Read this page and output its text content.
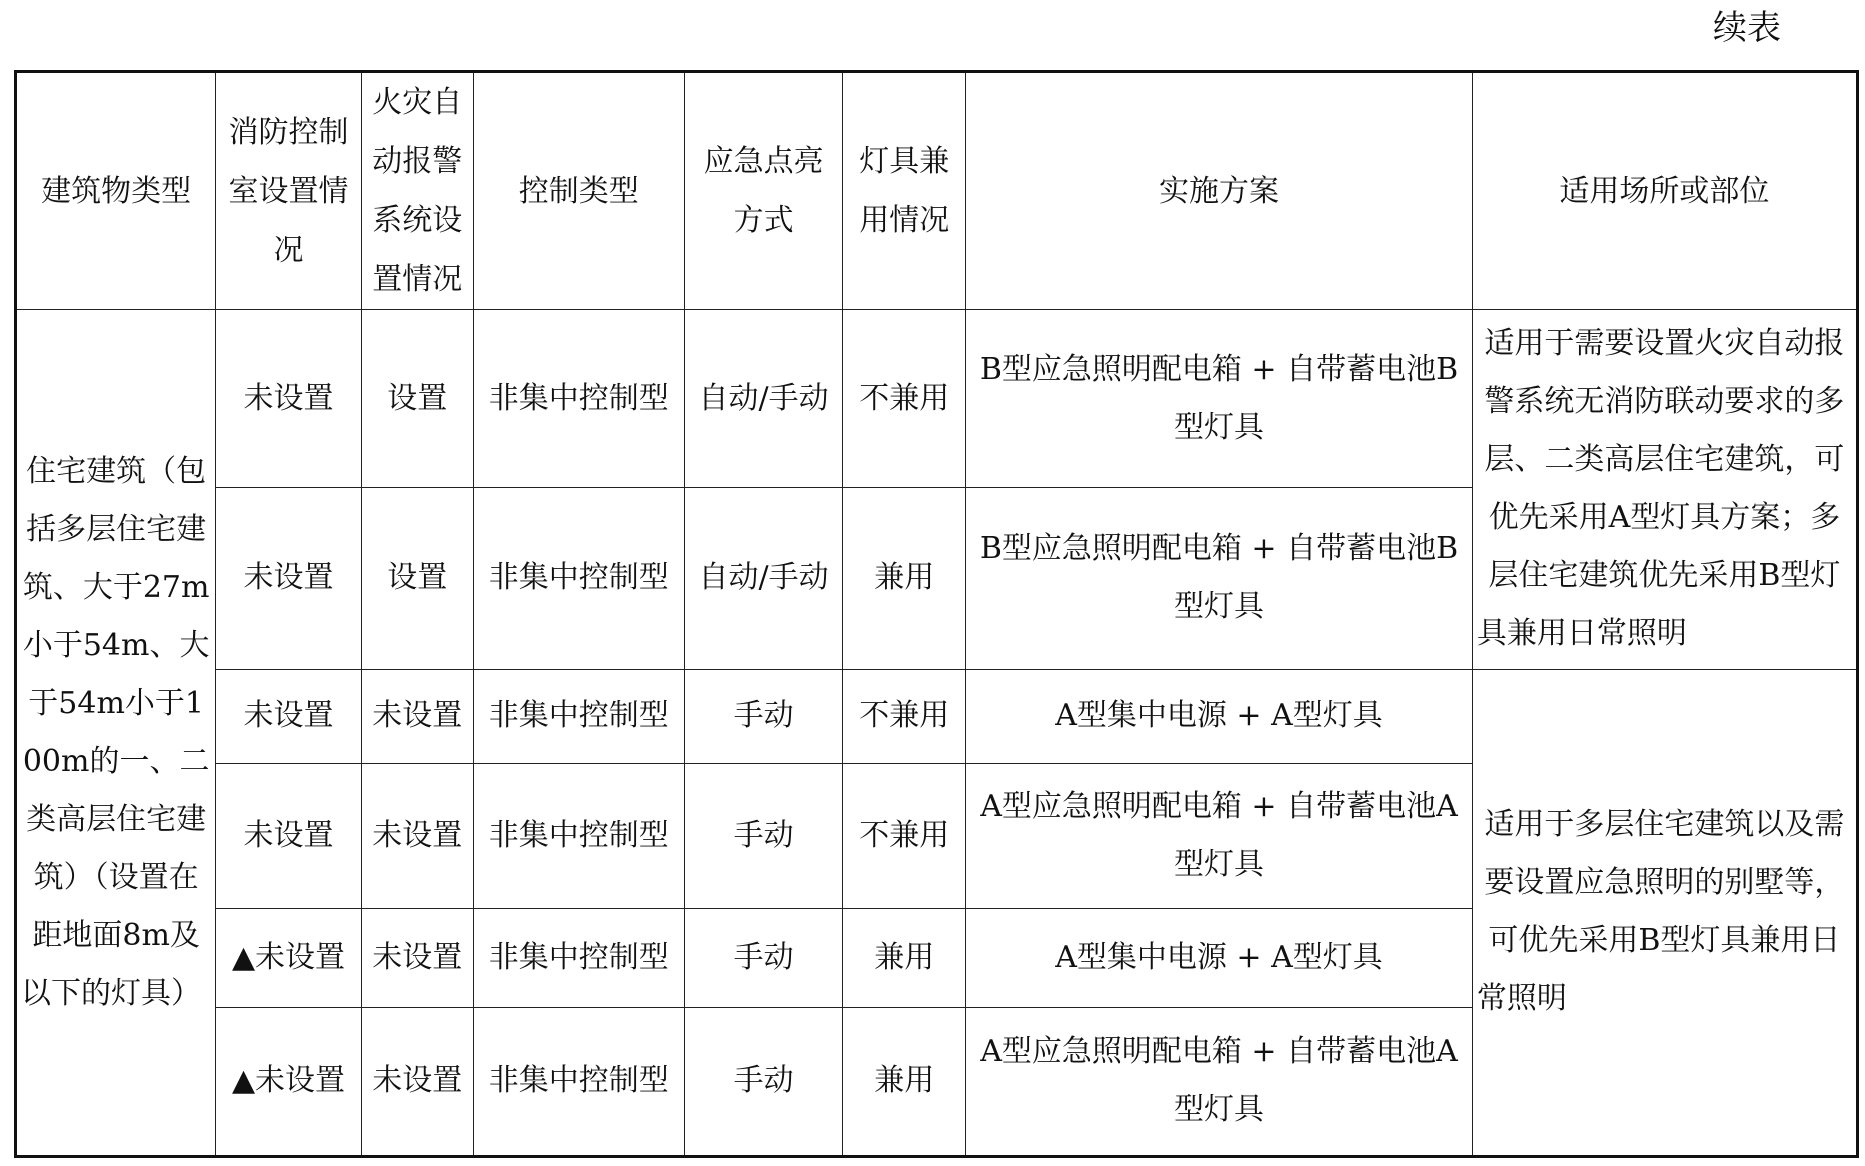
续表
建筑物类型	消防控制室设置情况	火灾自动报警系统设置情况	控制类型	应急点亮方式	灯具兼用情况	实施方案	适用场所或部位
住宅建筑（包括多层住宅建筑、大于27m小于54m、大于54m小于100m的一、二类高层住宅建筑）（设置在距地面8m及以下的灯具）	未设置	设置	非集中控制型	自动/手动	不兼用	B型应急照明配电箱 + 自带蓄电池B型灯具	适用于需要设置火灾自动报警系统无消防联动要求的多层、二类高层住宅建筑，可优先采用A型灯具方案；多层住宅建筑优先采用B型灯具兼用日常照明
	未设置	设置	非集中控制型	自动/手动	兼用	B型应急照明配电箱 + 自带蓄电池B型灯具	
	未设置	未设置	非集中控制型	手动	不兼用	A型集中电源 + A型灯具	适用于多层住宅建筑以及需要设置应急照明的别墅等，可优先采用B型灯具兼用日常照明
	未设置	未设置	非集中控制型	手动	不兼用	A型应急照明配电箱 + 自带蓄电池A型灯具	
	▲未设置	未设置	非集中控制型	手动	兼用	A型集中电源 + A型灯具	
	▲未设置	未设置	非集中控制型	手动	兼用	A型应急照明配电箱 + 自带蓄电池A型灯具	
